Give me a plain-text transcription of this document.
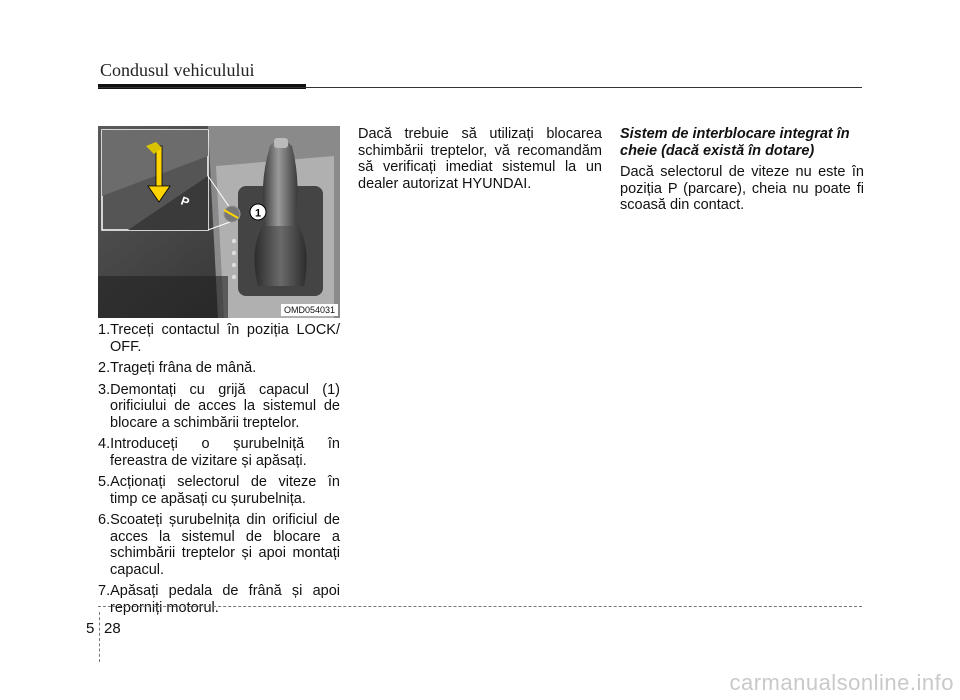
Condusul vehiculului
1
P
OMD054031
1.Treceți contactul în poziția LOCK/ OFF.
2.Trageți frâna de mână.
3.Demontați cu grijă capacul (1) orificiului de acces la sistemul de blocare a schimbării treptelor.
4.Introduceți o șurubelniță în fereastra de vizitare și apăsați.
5.Acționați selectorul de viteze în timp ce apăsați cu șurubelnița.
6.Scoateți șurubelnița din orificiul de acces la sistemul de blocare a schimbării treptelor și apoi montați capacul.
7.Apăsați pedala de frână și apoi reporniți motorul.

Dacă trebuie să utilizați blocarea schimbării treptelor, vă recomandăm să verificați imediat sistemul la un dealer autorizat HYUNDAI.

Sistem de interblocare integrat în cheie (dacă există în dotare)

Dacă selectorul de viteze nu este în poziția P (parcare), cheia nu poate fi scoasă din contact.

5 28
carmanualsonline.info
